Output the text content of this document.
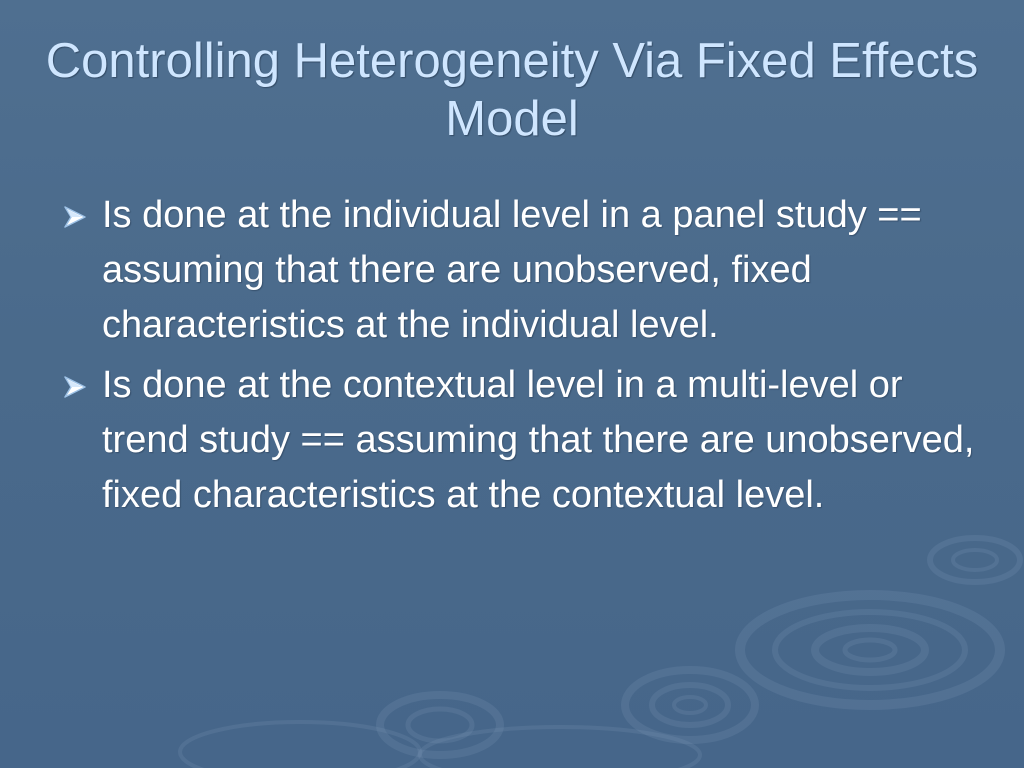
Controlling Heterogeneity Via Fixed Effects Model
Is done at the individual level in a panel study == assuming that there are unobserved, fixed characteristics at the individual level.
Is done at the contextual level in a multi-level or trend study == assuming that there are unobserved, fixed characteristics at the contextual level.
